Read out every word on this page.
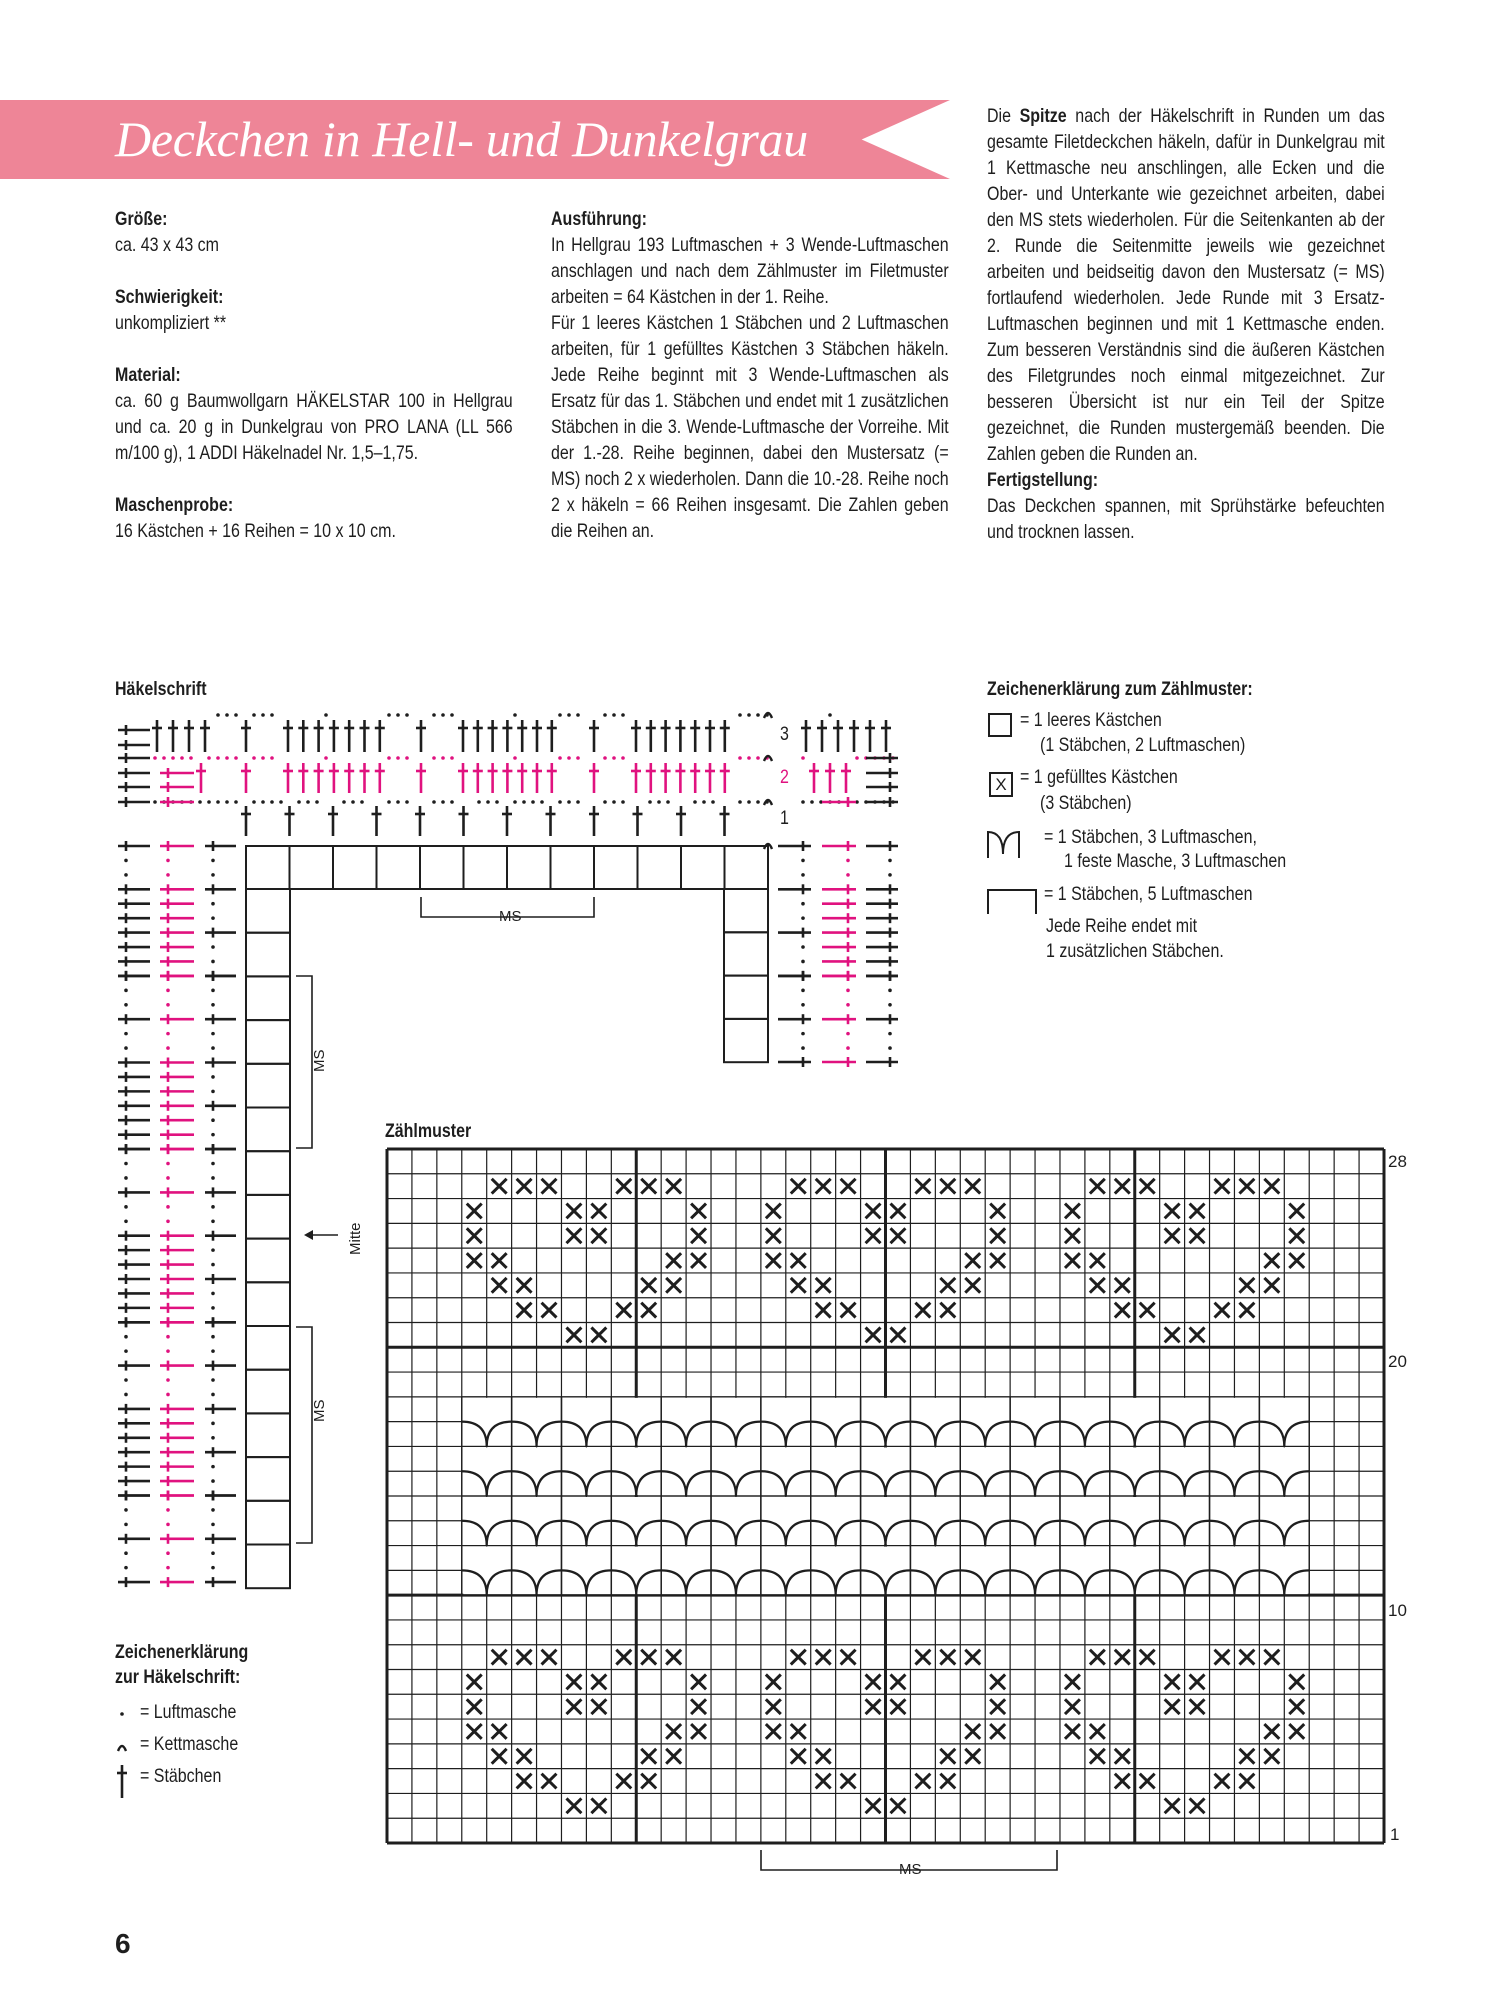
Deckchen in Hell- und Dunkelgrau

Größe:

ca. 43 x 43 cm

Schwierigkeit:

unkompliziert **

Material:

ca. 60 g Baumwollgarn HÄKELSTAR 100 in Hellgrau und ca. 20 g in Dunkelgrau von PRO LANA (LL 566 m/100 g), 1 ADDI Häkelnadel Nr. 1,5–1,75.

Maschenprobe:

16 Kästchen + 16 Reihen = 10 x 10 cm.

Ausführung:

In Hellgrau 193 Luftmaschen + 3 Wende-Luftmaschen anschlagen und nach dem Zählmuster im Filetmuster arbeiten = 64 Kästchen in der 1. Reihe.

Für 1 leeres Kästchen 1 Stäbchen und 2 Luftmaschen arbeiten, für 1 gefülltes Kästchen 3 Stäbchen häkeln. Jede Reihe beginnt mit 3 Wende-Luftmaschen als Ersatz für das 1. Stäbchen und endet mit 1 zusätzlichen Stäbchen in die 3. Wende-Luftmasche der Vorreihe. Mit der 1.-28. Reihe beginnen, dabei den Mustersatz (= MS) noch 2 x wiederholen. Dann die 10.-28. Reihe noch 2 x häkeln = 66 Reihen insgesamt. Die Zahlen geben die Reihen an.

Die Spitze nach der Häkelschrift in Runden um das gesamte Filetdeckchen häkeln, dafür in Dunkelgrau mit 1 Kettmasche neu anschlingen, alle Ecken und die Ober- und Unterkante wie gezeichnet arbeiten, dabei den MS stets wiederholen. Für die Seitenkanten ab der 2. Runde die Seitenmitte jeweils wie gezeichnet arbeiten und beidseitig davon den Mustersatz (= MS) fortlaufend wiederholen. Jede Runde mit 3 Ersatz-Luftmaschen beginnen und mit 1 Kettmasche enden. Zum besseren Verständnis sind die äußeren Kästchen des Filetgrundes noch einmal mitgezeichnet. Zur besseren Übersicht ist nur ein Teil der Spitze gezeichnet, die Runden mustergemäß beenden. Die Zahlen geben die Runden an.

Fertigstellung:

Das Deckchen spannen, mit Sprühstärke befeuchten und trocknen lassen.

Häkelschrift
3
2
1
MS
MS
MS
Mitte
Zeichenerklärung zum Zählmuster:
= 1 leeres Kästchen
(1 Stäbchen, 2 Luftmaschen)
= 1 gefülltes Kästchen
(3 Stäbchen)
= 1 Stäbchen, 3 Luftmaschen,
1 feste Masche, 3 Luftmaschen
= 1 Stäbchen, 5 Luftmaschen
Jede Reihe endet mit
1 zusätzlichen Stäbchen.
X
Zählmuster
28
20
10
1
MS
Zeichenerklärung
zur Häkelschrift:
= Luftmasche
= Kettmasche
= Stäbchen
6
